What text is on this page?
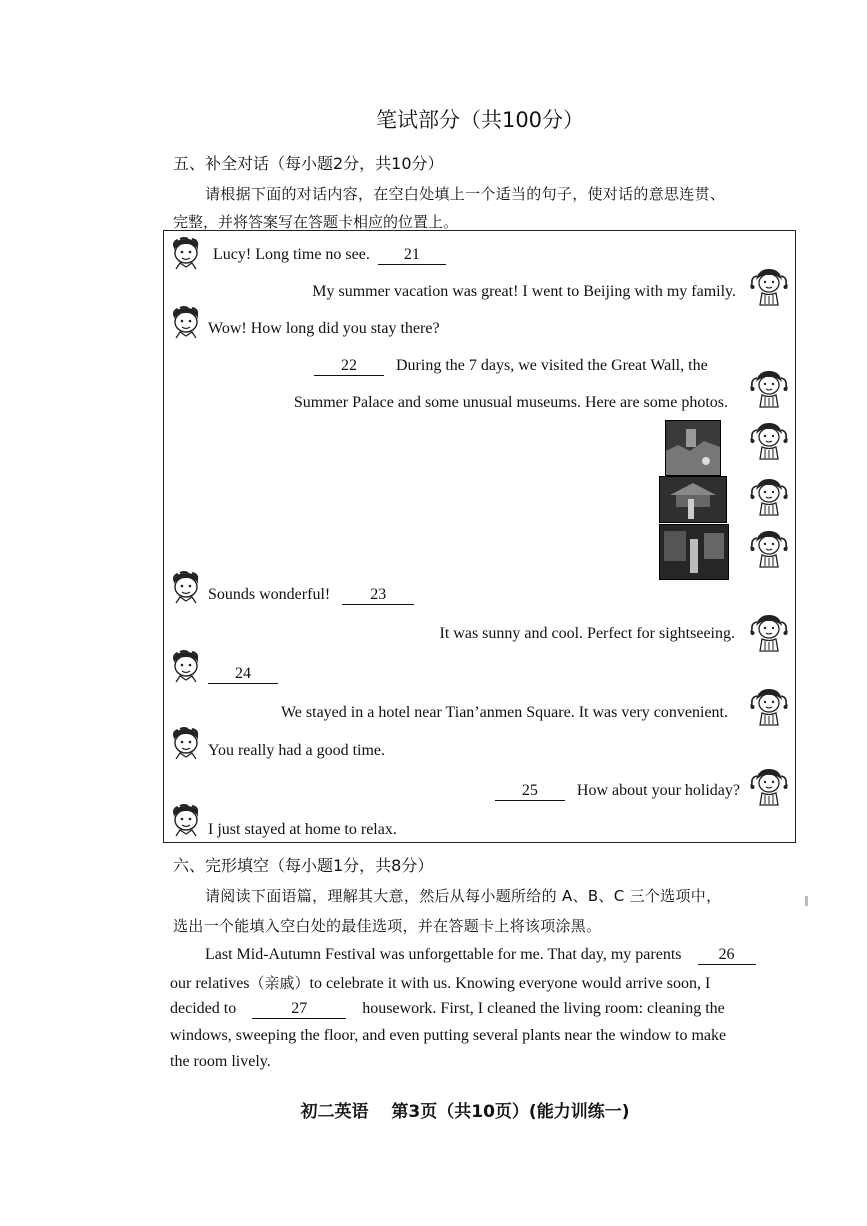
笔试部分（共100分）
五、补全对话（每小题2分，共10分）
请根据下面的对话内容，在空白处填上一个适当的句子，使对话的意思连贯、
完整，并将答案写在答题卡相应的位置上。
Lucy! Long time no see. 21
My summer vacation was great! I went to Beijing with my family.
Wow! How long did you stay there?
22 During the 7 days, we visited the Great Wall, the
Summer Palace and some unusual museums. Here are some photos.
Sounds wonderful!	23
It was sunny and cool. Perfect for sightseeing.
24
We stayed in a hotel near Tian’anmen Square. It was very convenient.
You really had a good time.
25 How about your holiday?
I just stayed at home to relax.
六、完形填空（每小题1分，共8分）
请阅读下面语篇，理解其大意，然后从每小题所给的 A、B、C 三个选项中，
选出一个能填入空白处的最佳选项，并在答题卡上将该项涂黑。
Last Mid-Autumn Festival was unforgettable for me. That day, my parents 26
our relatives（亲戚）to celebrate it with us. Knowing everyone would arrive soon, I
decided to	27	housework. First, I cleaned the living room: cleaning the
windows, sweeping the floor, and even putting several plants near the window to make
the room lively.
初二英语　 第3页（共10页）(能力训练一)
